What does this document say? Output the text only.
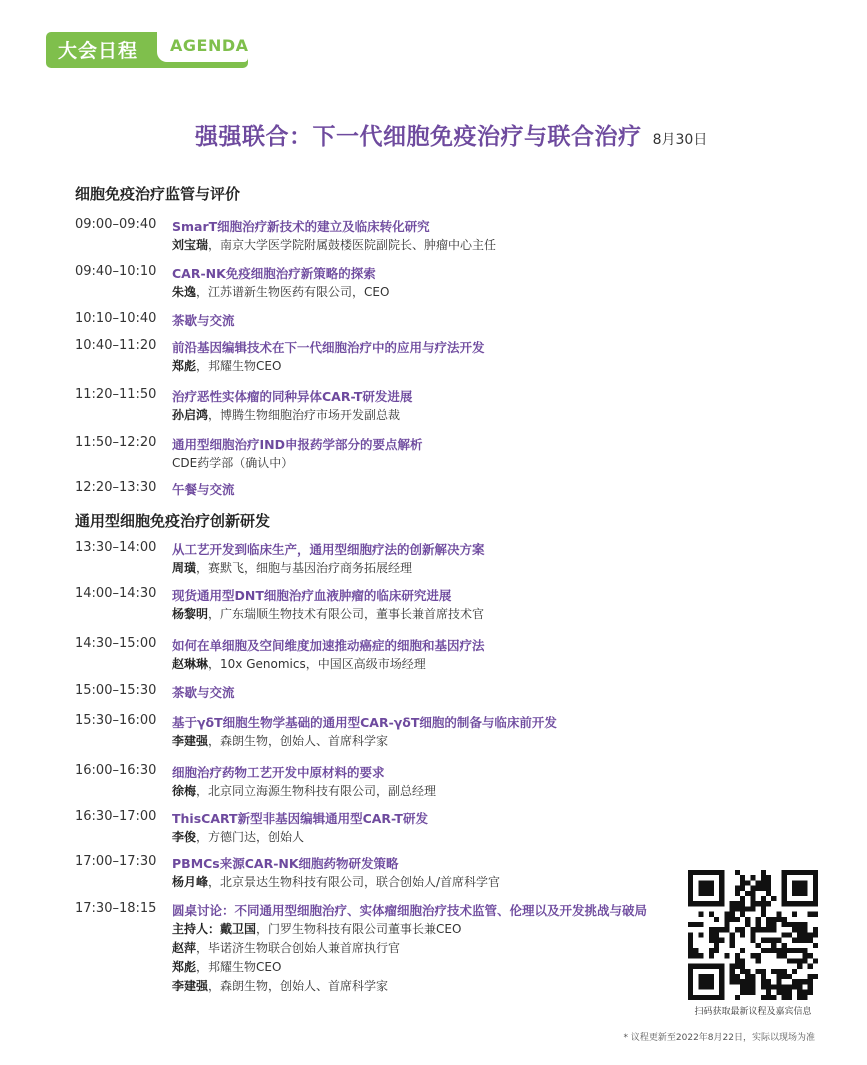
大会日程 AGENDA
强强联合：下一代细胞免疫治疗与联合治疗 8月30日
细胞免疫治疗监管与评价
通用型细胞免疫治疗创新研发
09:00–09:40 SmarT细胞治疗新技术的建立及临床转化研究
刘宝瑞，南京大学医学院附属鼓楼医院副院长、肿瘤中心主任
09:40–10:10 CAR-NK免疫细胞治疗新策略的探索
朱逸，江苏谱新生物医药有限公司，CEO
10:10–10:40 茶歇与交流
10:40–11:20 前沿基因编辑技术在下一代细胞治疗中的应用与疗法开发
郑彪，邦耀生物CEO
11:20–11:50 治疗恶性实体瘤的同种异体CAR-T研发进展
孙启鸿，博腾生物细胞治疗市场开发副总裁
11:50–12:20 通用型细胞治疗IND申报药学部分的要点解析
CDE药学部（确认中）
12:20–13:30 午餐与交流
13:30–14:00 从工艺开发到临床生产，通用型细胞疗法的创新解决方案
周璜，赛默飞，细胞与基因治疗商务拓展经理
14:00–14:30 现货通用型DNT细胞治疗血液肿瘤的临床研究进展
杨黎明，广东瑞顺生物技术有限公司，董事长兼首席技术官
14:30–15:00 如何在单细胞及空间维度加速推动癌症的细胞和基因疗法
赵琳琳，10x Genomics，中国区高级市场经理
15:00–15:30 茶歇与交流
15:30–16:00 基于γδT细胞生物学基础的通用型CAR-γδT细胞的制备与临床前开发
李建强，森朗生物，创始人、首席科学家
16:00–16:30 细胞治疗药物工艺开发中原材料的要求
徐梅，北京同立海源生物科技有限公司，副总经理
16:30–17:00 ThisCART新型非基因编辑通用型CAR-T研发
李俊，方德门达，创始人
17:00–17:30 PBMCs来源CAR-NK细胞药物研发策略
杨月峰，北京景达生物科技有限公司，联合创始人/首席科学官
17:30–18:15 圆桌讨论：不同通用型细胞治疗、实体瘤细胞治疗技术监管、伦理以及开发挑战与破局
主持人：戴卫国，门罗生物科技有限公司董事长兼CEO
赵萍，毕诺济生物联合创始人兼首席执行官
郑彪，邦耀生物CEO
李建强，森朗生物，创始人、首席科学家
扫码获取最新议程及嘉宾信息
* 议程更新至2022年8月22日，实际以现场为准
